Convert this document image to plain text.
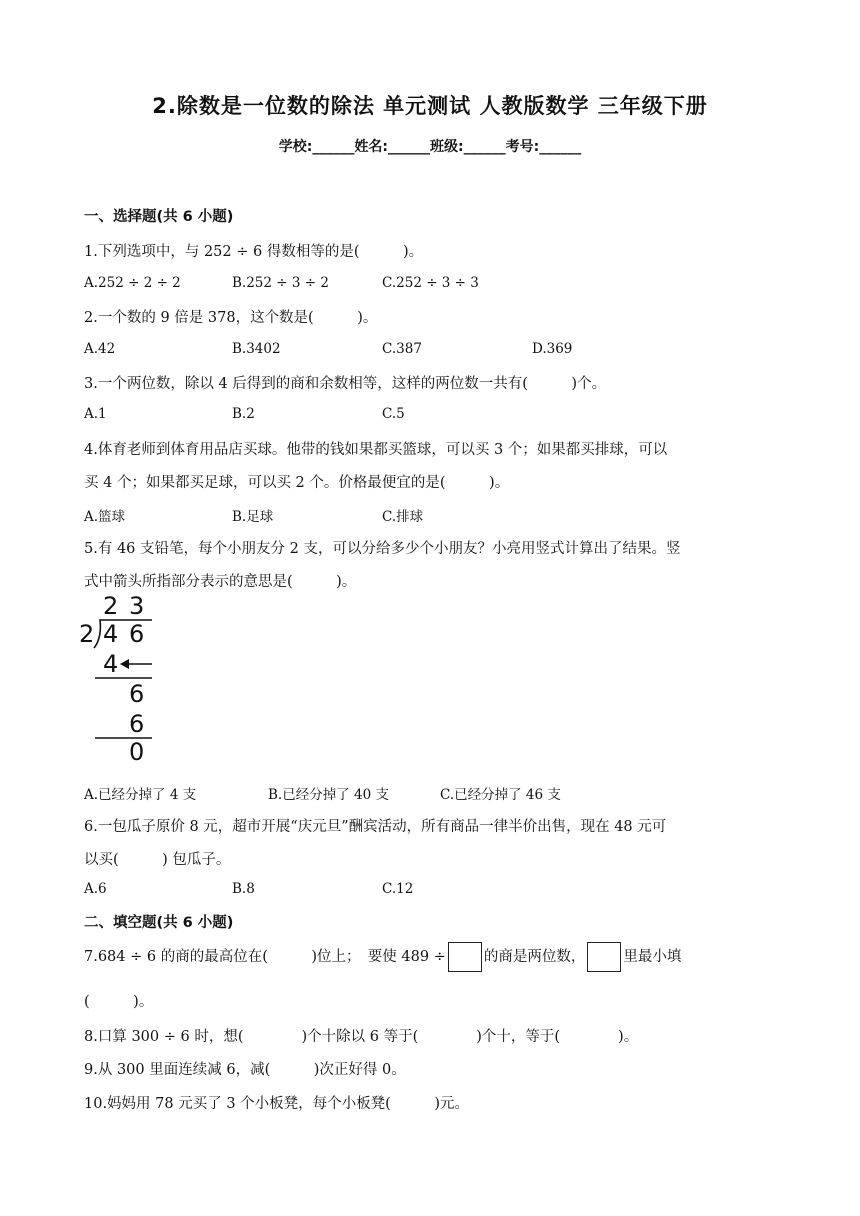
2.除数是一位数的除法 单元测试 人教版数学 三年级下册
学校:______姓名:______班级:______考号:______
一、选择题(共 6 小题)
1.下列选项中，与 252 ÷ 6 得数相等的是(　　　)。
A.252 ÷ 2 ÷ 2	B.252 ÷ 3 ÷ 2	C.252 ÷ 3 ÷ 3
2.一个数的 9 倍是 378，这个数是(　　　)。
A.42	B.3402	C.387	D.369
3.一个两位数，除以 4 后得到的商和余数相等，这样的两位数一共有(　　　)个。
A.1	B.2	C.5
4.体育老师到体育用品店买球。他带的钱如果都买篮球，可以买 3 个；如果都买排球，可以
买 4 个；如果都买足球，可以买 2 个。价格最便宜的是(　　　)。
A.篮球	B.足球	C.排球
5.有 46 支铅笔，每个小朋友分 2 支，可以分给多少个小朋友？小亮用竖式计算出了结果。竖
式中箭头所指部分表示的意思是(　　　)。
2 3
2 4 6
4
6
6
0
A.已经分掉了 4 支	B.已经分掉了 40 支	C.已经分掉了 46 支
6.一包瓜子原价 8 元，超市开展“庆元旦”酬宾活动，所有商品一律半价出售，现在 48 元可
以买(　　　) 包瓜子。
A.6	B.8	C.12
二、填空题(共 6 小题)
7.684 ÷ 6 的商的最高位在(　　　)位上；　要使 489 ÷	的商是两位数，	里最小填
(　　　)。
8.口算 300 ÷ 6 时，想(　　　　)个十除以 6 等于(　　　　)个十，等于(　　　　)。
9.从 300 里面连续减 6，减(　　　)次正好得 0。
10.妈妈用 78 元买了 3 个小板凳，每个小板凳(　　　)元。
